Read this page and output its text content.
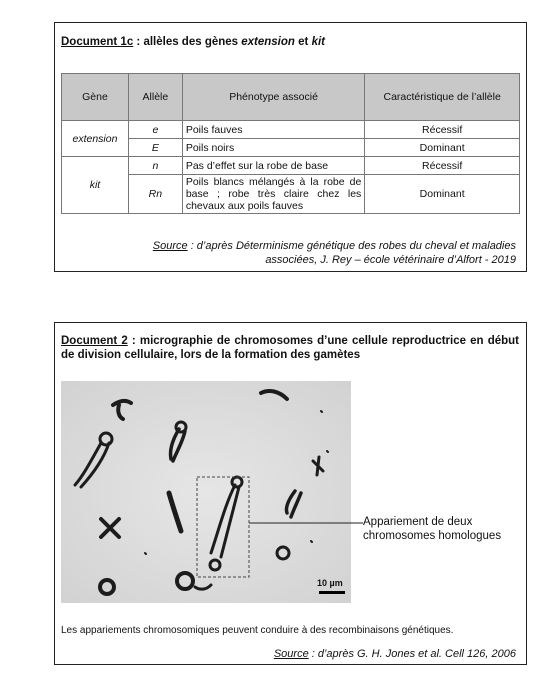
Document 1c : allèles des gènes extension et kit
Gène	Allèle	Phénotype associé	Caractéristique de l’allèle
extension	e	Poils fauves	Récessif
	E	Poils noirs	Dominant
kit	n	Pas d’effet sur la robe de base	Récessif
	Rn	Poils blancs mélangés à la robe de base ; robe très claire chez les chevaux aux poils fauves	Dominant
Source : d’après Déterminisme génétique des robes du cheval et maladies
associées, J. Rey – école vétérinaire d’Alfort - 2019
Document 2 : micrographie de chromosomes d’une cellule reproductrice en début de division cellulaire, lors de la formation des gamètes
10 µm
Appariement de deux
chromosomes homologues
Les appariements chromosomiques peuvent conduire à des recombinaisons génétiques.
Source : d’après G. H. Jones et al. Cell 126, 2006
